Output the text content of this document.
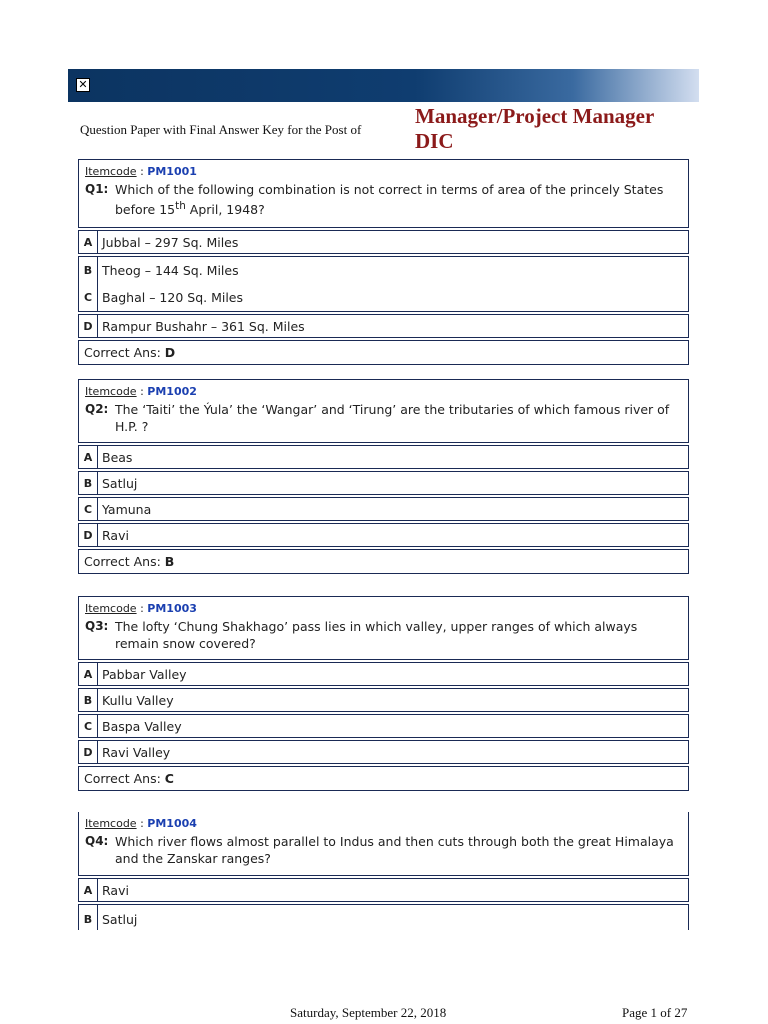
✕
Question Paper with Final Answer Key for the Post of
Manager/Project Manager
DIC
Itemcode : PM1001
Q1: Which of the following combination is not correct in terms of area of the princely States before 15th April, 1948?
A Jubbal – 297 Sq. Miles
B Theog – 144 Sq. Miles
C Baghal – 120 Sq. Miles
D Rampur Bushahr – 361 Sq. Miles
Correct Ans: D
Itemcode : PM1002
Q2: The ‘Taiti’ the Ýula’ the ‘Wangar’ and ‘Tirung’ are the tributaries of which famous river of H.P. ?
A Beas
B Satluj
C Yamuna
D Ravi
Correct Ans: B
Itemcode : PM1003
Q3: The lofty ‘Chung Shakhago’ pass lies in which valley, upper ranges of which always remain snow covered?
A Pabbar Valley
B Kullu Valley
C Baspa Valley
D Ravi Valley
Correct Ans: C
Itemcode : PM1004
Q4: Which river flows almost parallel to Indus and then cuts through both the great Himalaya and the Zanskar ranges?
A Ravi
B Satluj
Saturday, September 22, 2018	Page 1 of 27
